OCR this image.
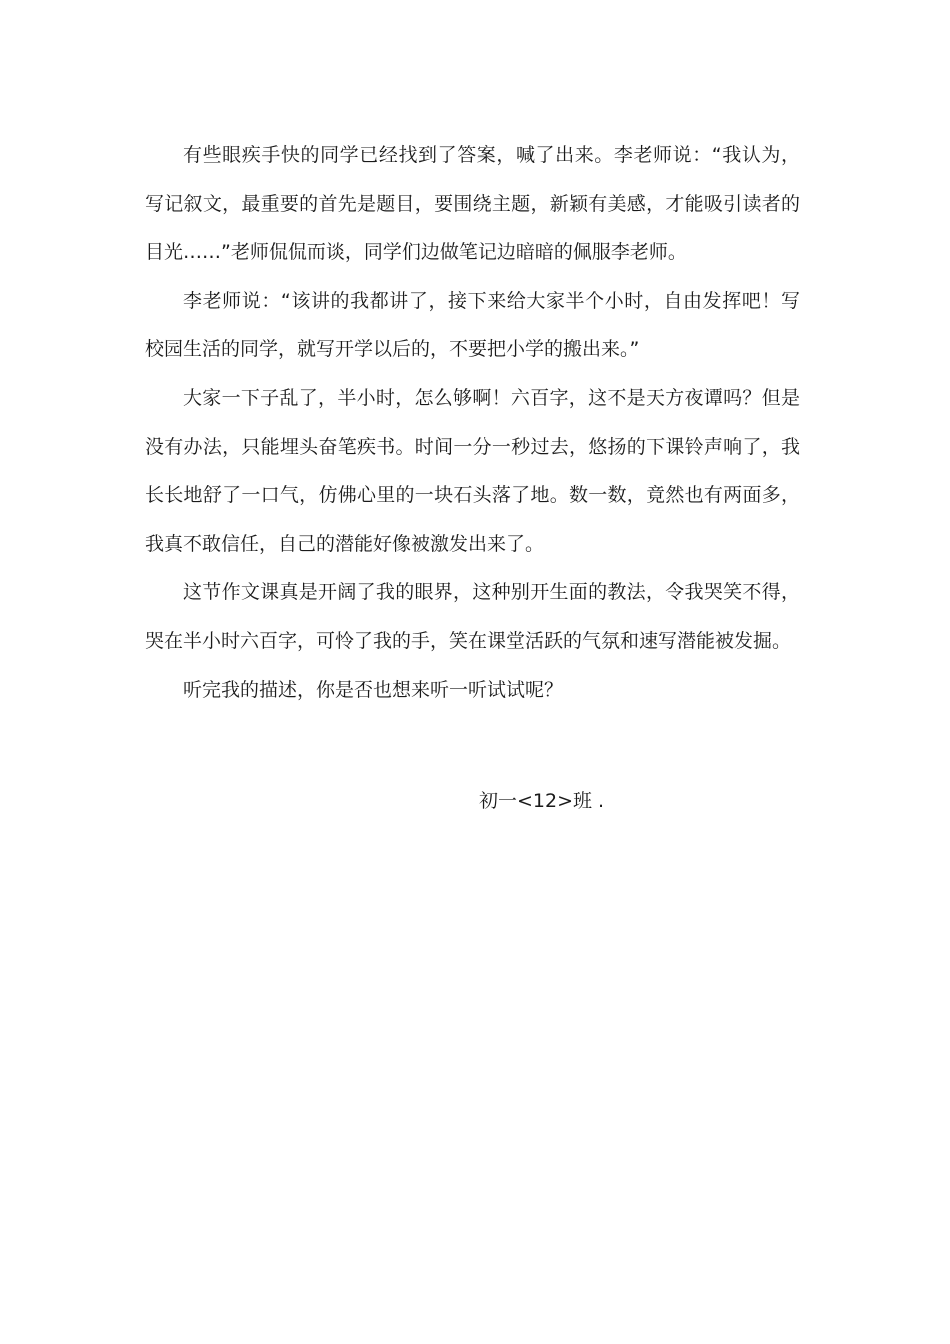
有些眼疾手快的同学已经找到了答案，喊了出来。李老师说：“我认为，写记叙文，最重要的首先是题目，要围绕主题，新颖有美感，才能吸引读者的目光……”老师侃侃而谈，同学们边做笔记边暗暗的佩服李老师。

李老师说：“该讲的我都讲了，接下来给大家半个小时，自由发挥吧！写校园生活的同学，就写开学以后的，不要把小学的搬出来。”

大家一下子乱了，半小时，怎么够啊！六百字，这不是天方夜谭吗？但是没有办法，只能埋头奋笔疾书。时间一分一秒过去，悠扬的下课铃声响了，我长长地舒了一口气，仿佛心里的一块石头落了地。数一数，竟然也有两面多，我真不敢信任，自己的潜能好像被激发出来了。

这节作文课真是开阔了我的眼界，这种别开生面的教法，令我哭笑不得，哭在半小时六百字，可怜了我的手，笑在课堂活跃的气氛和速写潜能被发掘。

听完我的描述，你是否也想来听一听试试呢？

初一<12>班 .
